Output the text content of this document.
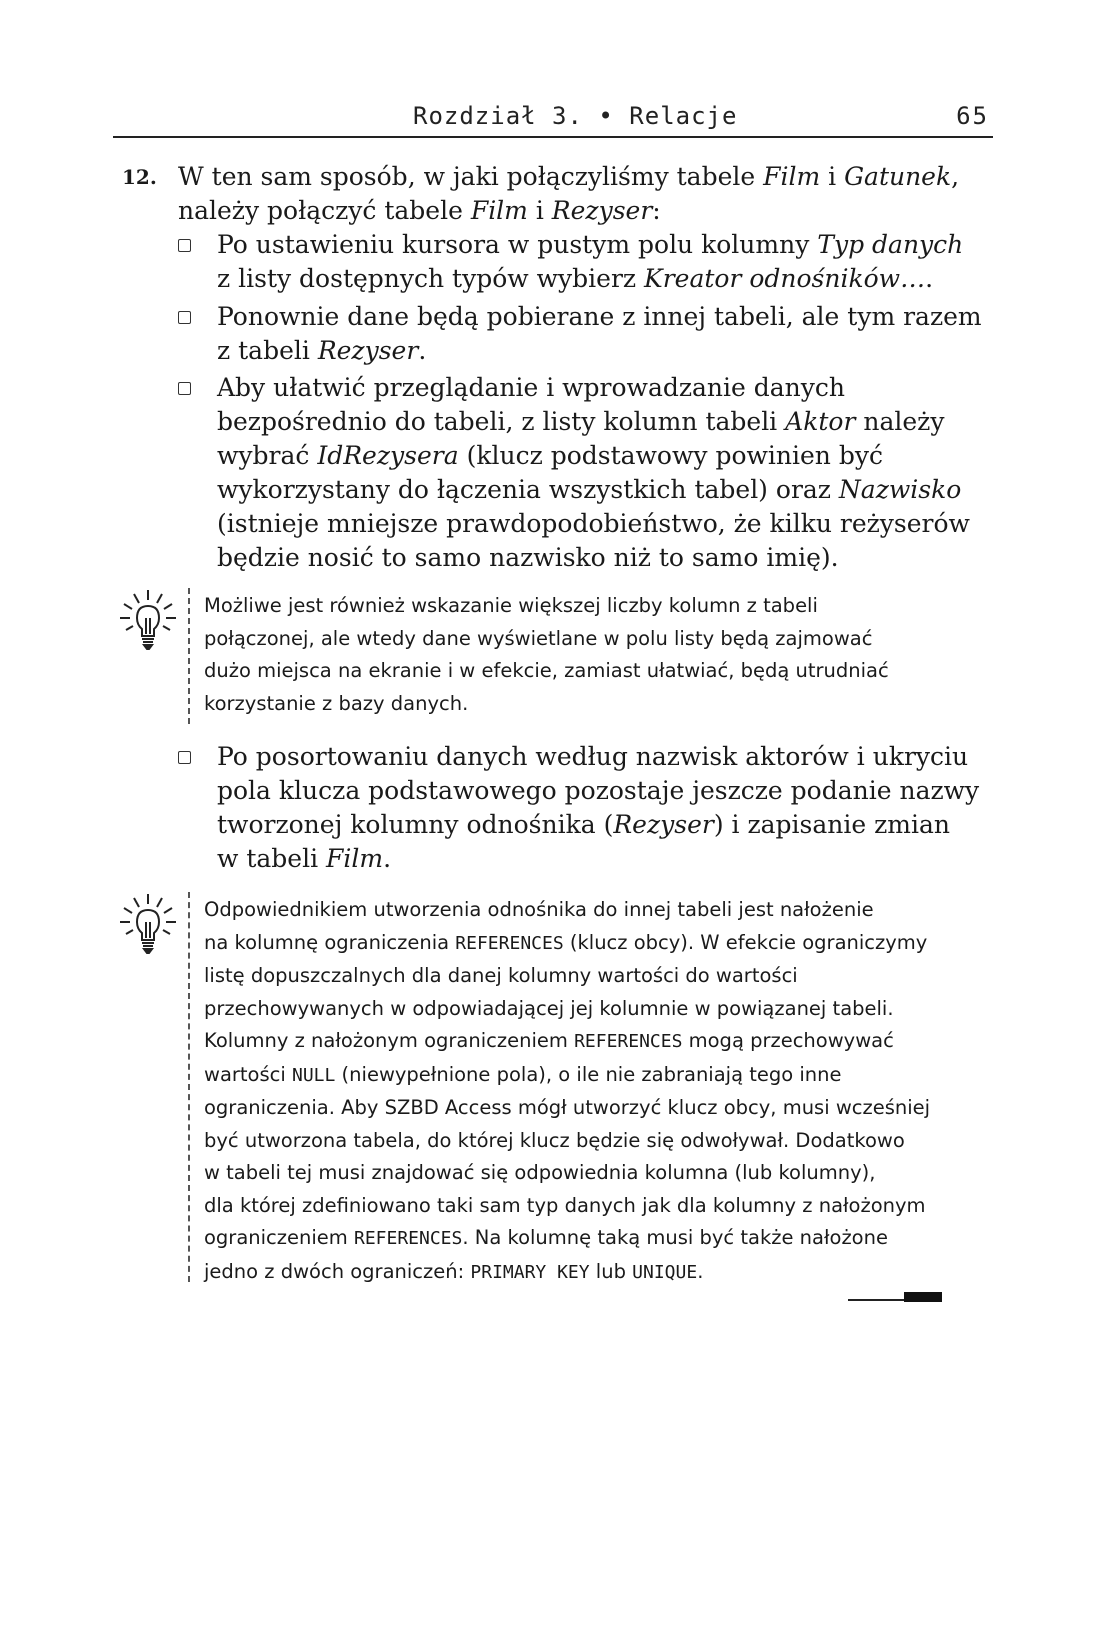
Rozdział 3. • Relacje	65
12. W ten sam sposób, w jaki połączyliśmy tabele Film i Gatunek,
należy połączyć tabele Film i Rezyser:
Po ustawieniu kursora w pustym polu kolumny Typ danych
z listy dostępnych typów wybierz Kreator odnośników….
Ponownie dane będą pobierane z innej tabeli, ale tym razem
z tabeli Rezyser.
Aby ułatwić przeglądanie i wprowadzanie danych
bezpośrednio do tabeli, z listy kolumn tabeli Aktor należy
wybrać IdRezysera (klucz podstawowy powinien być
wykorzystany do łączenia wszystkich tabel) oraz Nazwisko
(istnieje mniejsze prawdopodobieństwo, że kilku reżyserów
będzie nosić to samo nazwisko niż to samo imię).
Możliwe jest również wskazanie większej liczby kolumn z tabeli
połączonej, ale wtedy dane wyświetlane w polu listy będą zajmować
dużo miejsca na ekranie i w efekcie, zamiast ułatwiać, będą utrudniać
korzystanie z bazy danych.
Po posortowaniu danych według nazwisk aktorów i ukryciu
pola klucza podstawowego pozostaje jeszcze podanie nazwy
tworzonej kolumny odnośnika (Rezyser) i zapisanie zmian
w tabeli Film.
Odpowiednikiem utworzenia odnośnika do innej tabeli jest nałożenie
na kolumnę ograniczenia REFERENCES (klucz obcy). W efekcie ograniczymy
listę dopuszczalnych dla danej kolumny wartości do wartości
przechowywanych w odpowiadającej jej kolumnie w powiązanej tabeli.
Kolumny z nałożonym ograniczeniem REFERENCES mogą przechowywać
wartości NULL (niewypełnione pola), o ile nie zabraniają tego inne
ograniczenia. Aby SZBD Access mógł utworzyć klucz obcy, musi wcześniej
być utworzona tabela, do której klucz będzie się odwoływał. Dodatkowo
w tabeli tej musi znajdować się odpowiednia kolumna (lub kolumny),
dla której zdefiniowano taki sam typ danych jak dla kolumny z nałożonym
ograniczeniem REFERENCES. Na kolumnę taką musi być także nałożone
jedno z dwóch ograniczeń: PRIMARY KEY lub UNIQUE.
